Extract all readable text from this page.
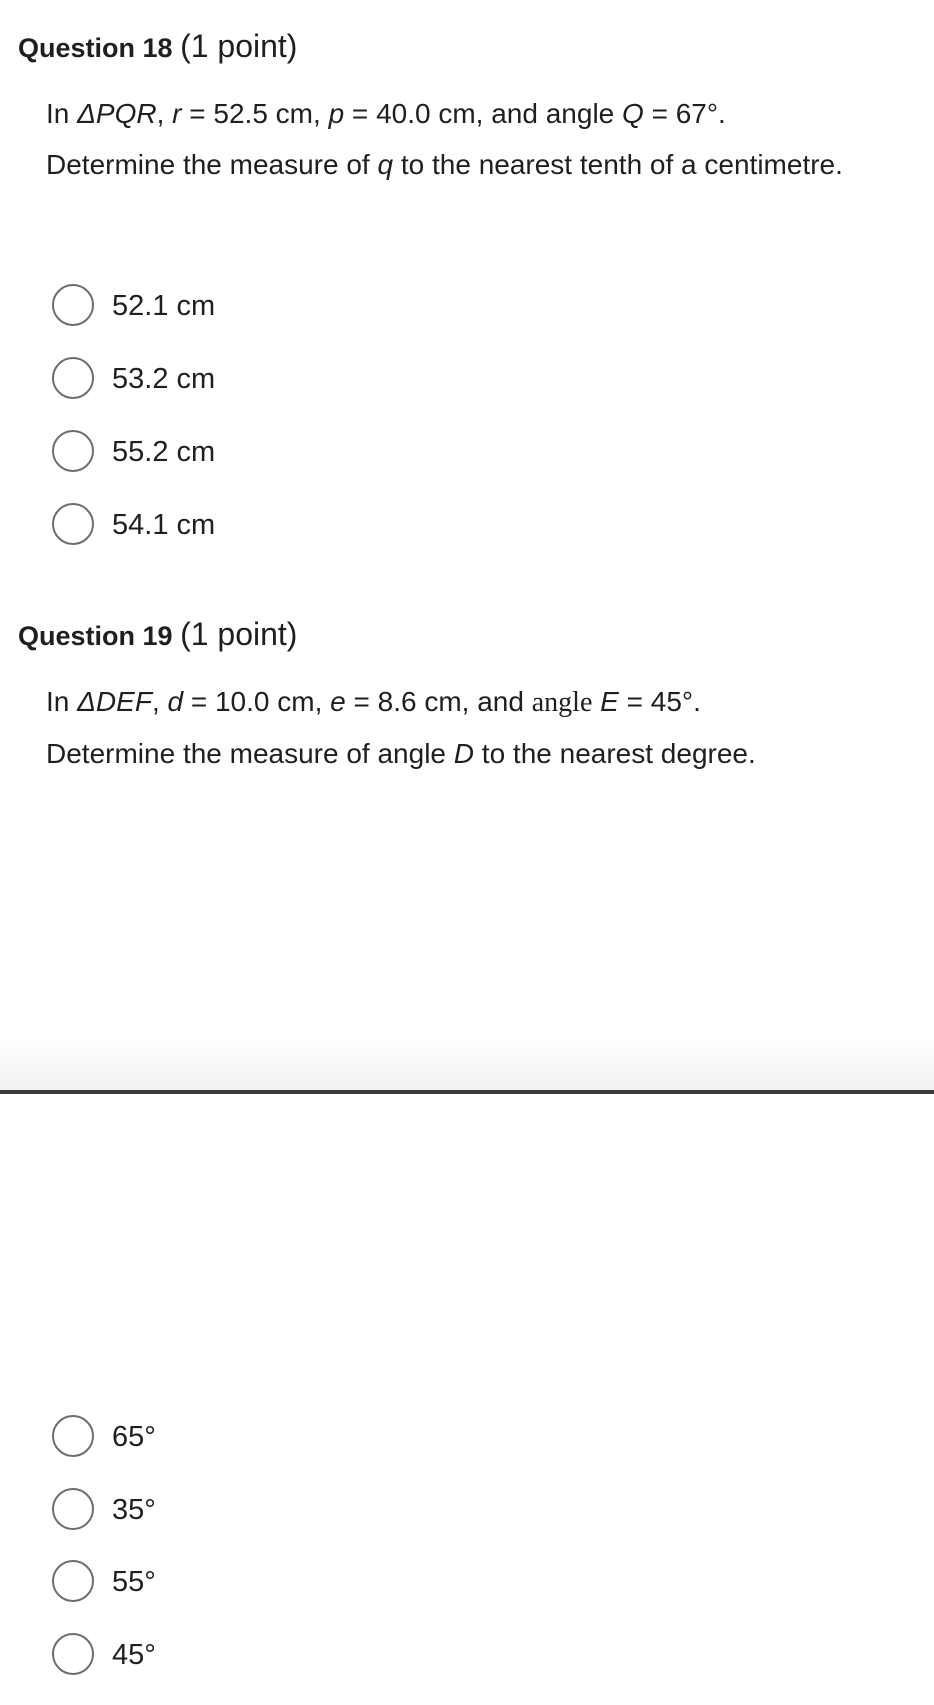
Question 18 (1 point)

In ΔPQR, r = 52.5 cm, p = 40.0 cm, and angle Q = 67°.

Determine the measure of q to the nearest tenth of a centimetre.

52.1 cm
53.2 cm
55.2 cm
54.1 cm
Question 19 (1 point)

In ΔDEF, d = 10.0 cm, e = 8.6 cm, and angle E = 45°.

Determine the measure of angle D to the nearest degree.

65°
35°
55°
45°
